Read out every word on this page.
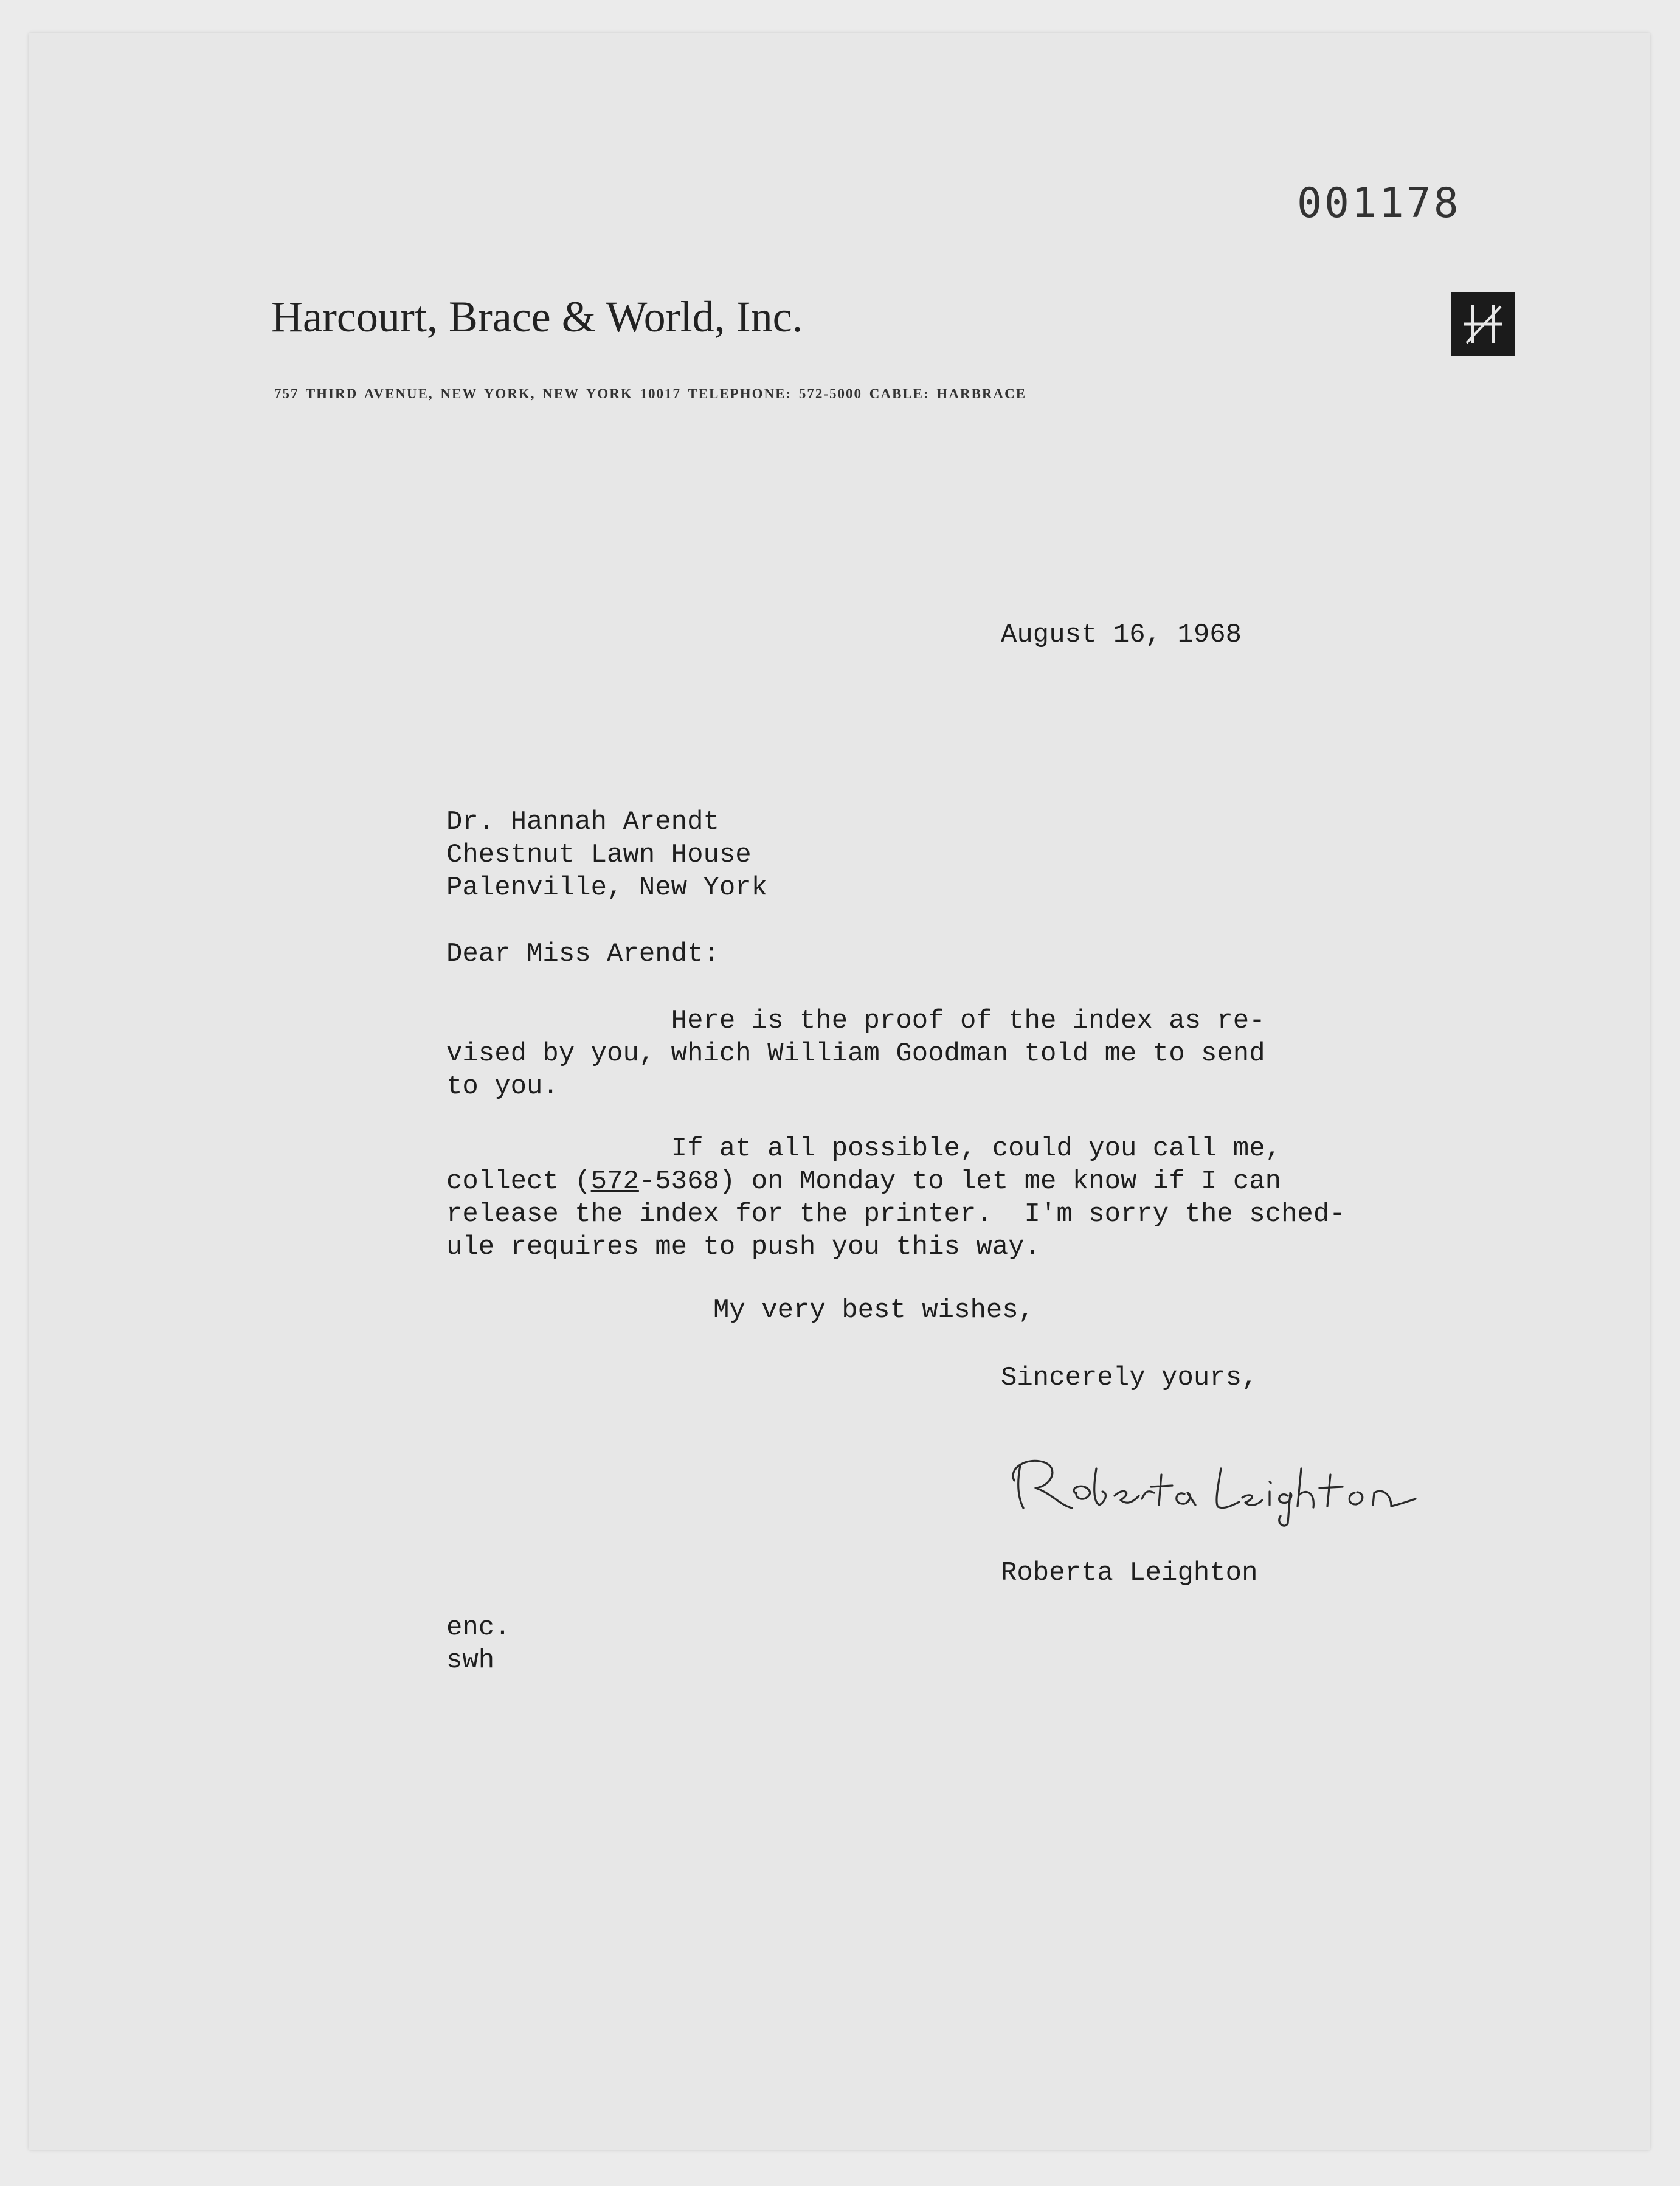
001178
Harcourt, Brace & World, Inc.
757 THIRD AVENUE, NEW YORK, NEW YORK 10017 TELEPHONE: 572-5000 CABLE: HARBRACE
August 16, 1968
Dr. Hannah Arendt
Chestnut Lawn House
Palenville, New York
Dear Miss Arendt:
Here is the proof of the index as re-
vised by you, which William Goodman told me to send
to you.
If at all possible, could you call me,
collect (572-5368) on Monday to let me know if I can
release the index for the printer.  I'm sorry the sched-
ule requires me to push you this way.
My very best wishes,
Sincerely yours,
Roberta Leighton
enc.
swh
